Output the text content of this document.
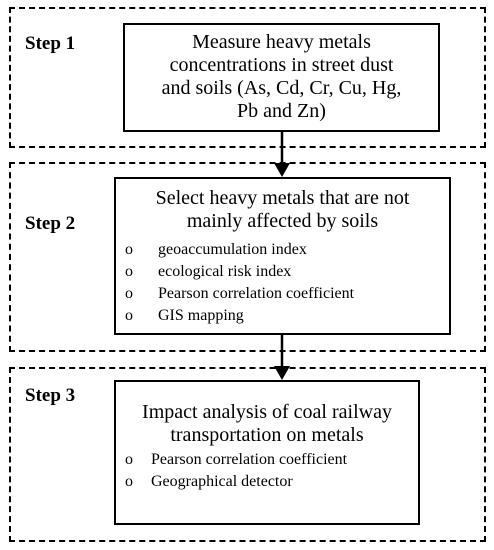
Step 1	Measure heavy metals
concentrations in street dust
and soils (As, Cd, Cr, Cu, Hg,
Pb and Zn)

Step 2

Select heavy metals that are not
mainly affected by soils

o geoaccumulation index
o ecological risk index
o Pearson correlation coefficient
o GIS mapping
Step 3

Impact analysis of coal railway
transportation on metals

o Pearson correlation coefficient
o Geographical detector
